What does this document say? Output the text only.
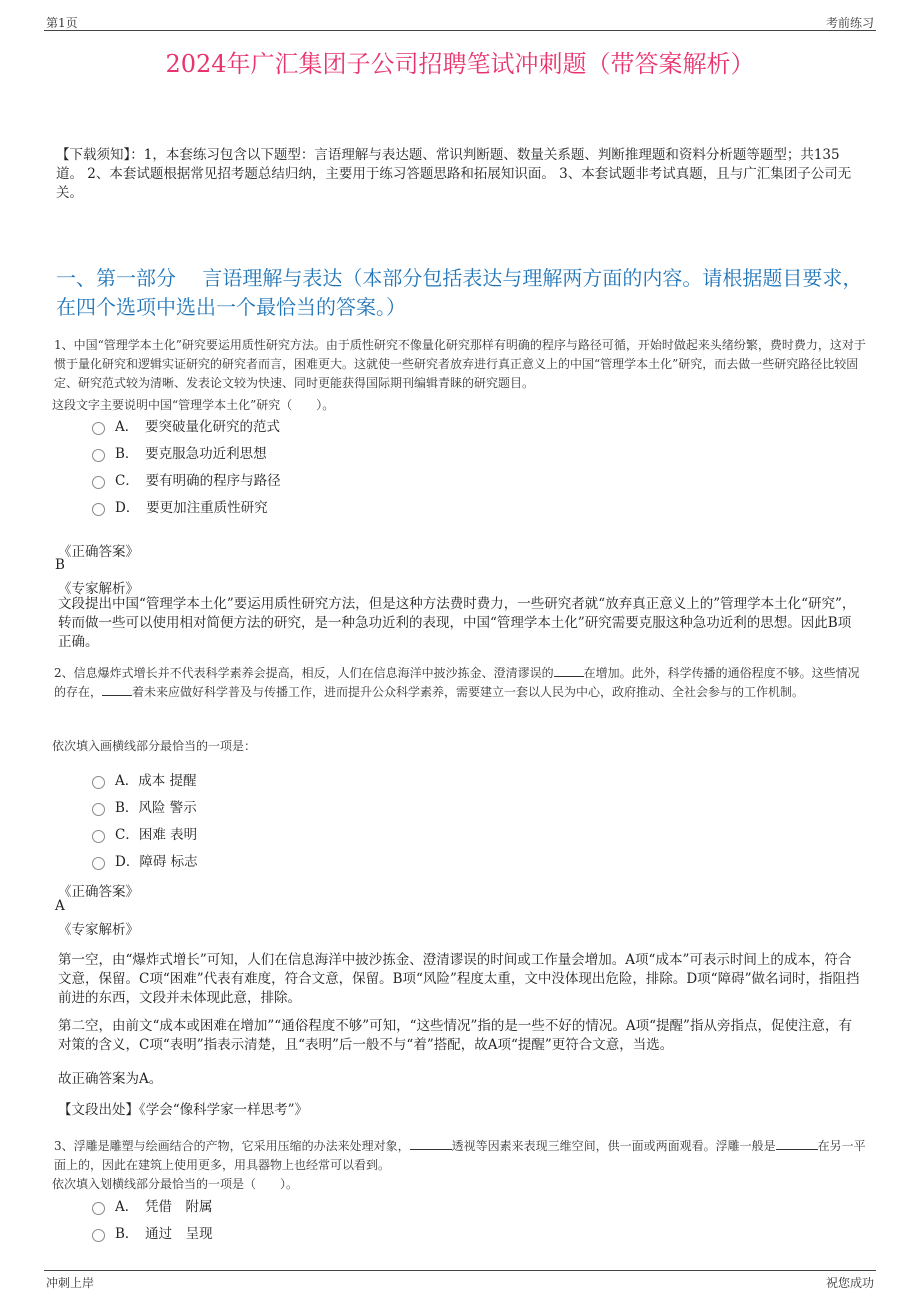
第1页	考前练习
2024年广汇集团子公司招聘笔试冲刺题（带答案解析）
【下载须知】：1，本套练习包含以下题型：言语理解与表达题、常识判断题、数量关系题、判断推理题和资料分析题等题型；共135道。 2、本套试题根据常见招考题总结归纳，主要用于练习答题思路和拓展知识面。 3、本套试题非考试真题，且与广汇集团子公司无关。
一、第一部分　 言语理解与表达（本部分包括表达与理解两方面的内容。请根据题目要求，在四个选项中选出一个最恰当的答案。）
1、中国“管理学本土化”研究要运用质性研究方法。由于质性研究不像量化研究那样有明确的程序与路径可循，开始时做起来头绪纷繁，费时费力，这对于惯于量化研究和逻辑实证研究的研究者而言，困难更大。这就使一些研究者放弃进行真正意义上的中国“管理学本土化”研究，而去做一些研究路径比较固定、研究范式较为清晰、发表论文较为快速、同时更能获得国际期刊编辑青睐的研究题目。
这段文字主要说明中国“管理学本土化”研究（　　）。
A．　要突破量化研究的范式
B．　要克服急功近利思想
C．　要有明确的程序与路径
D．　要更加注重质性研究
《正确答案》
B
《专家解析》
文段提出中国“管理学本土化”要运用质性研究方法，但是这种方法费时费力，一些研究者就“放弃真正意义上的”管理学本土化“研究”，转而做一些可以使用相对简便方法的研究，是一种急功近利的表现，中国“管理学本土化”研究需要克服这种急功近利的思想。因此B项正确。
2、信息爆炸式增长并不代表科学素养会提高，相反，人们在信息海洋中披沙拣金、澄清谬误的	在增加。此外，科学传播的通俗程度不够。这些情况的存在，	着未来应做好科学普及与传播工作，进而提升公众科学素养，需要建立一套以人民为中心，政府推动、全社会参与的工作机制。
依次填入画横线部分最恰当的一项是：
A．成本 提醒
B．风险 警示
C．困难 表明
D．障碍 标志
《正确答案》
A
《专家解析》
第一空，由“爆炸式增长”可知，人们在信息海洋中披沙拣金、澄清谬误的时间或工作量会增加。A项“成本”可表示时间上的成本，符合文意，保留。C项“困难”代表有难度，符合文意，保留。B项“风险”程度太重，文中没体现出危险，排除。D项“障碍”做名词时，指阻挡前进的东西，文段并未体现此意，排除。
第二空，由前文“成本或困难在增加”“通俗程度不够”可知，“这些情况”指的是一些不好的情况。A项“提醒”指从旁指点，促使注意，有对策的含义，C项“表明”指表示清楚，且“表明”后一般不与“着”搭配，故A项“提醒”更符合文意，当选。
故正确答案为A。
【文段出处】《学会“像科学家一样思考”》
3、浮雕是雕塑与绘画结合的产物，它采用压缩的办法来处理对象，	透视等因素来表现三维空间，供一面或两面观看。浮雕一般是	在另一平面上的，因此在建筑上使用更多，用具器物上也经常可以看到。
依次填入划横线部分最恰当的一项是（　　）。
A．　凭借　附属
B．　通过　呈现
冲刺上岸	祝您成功
